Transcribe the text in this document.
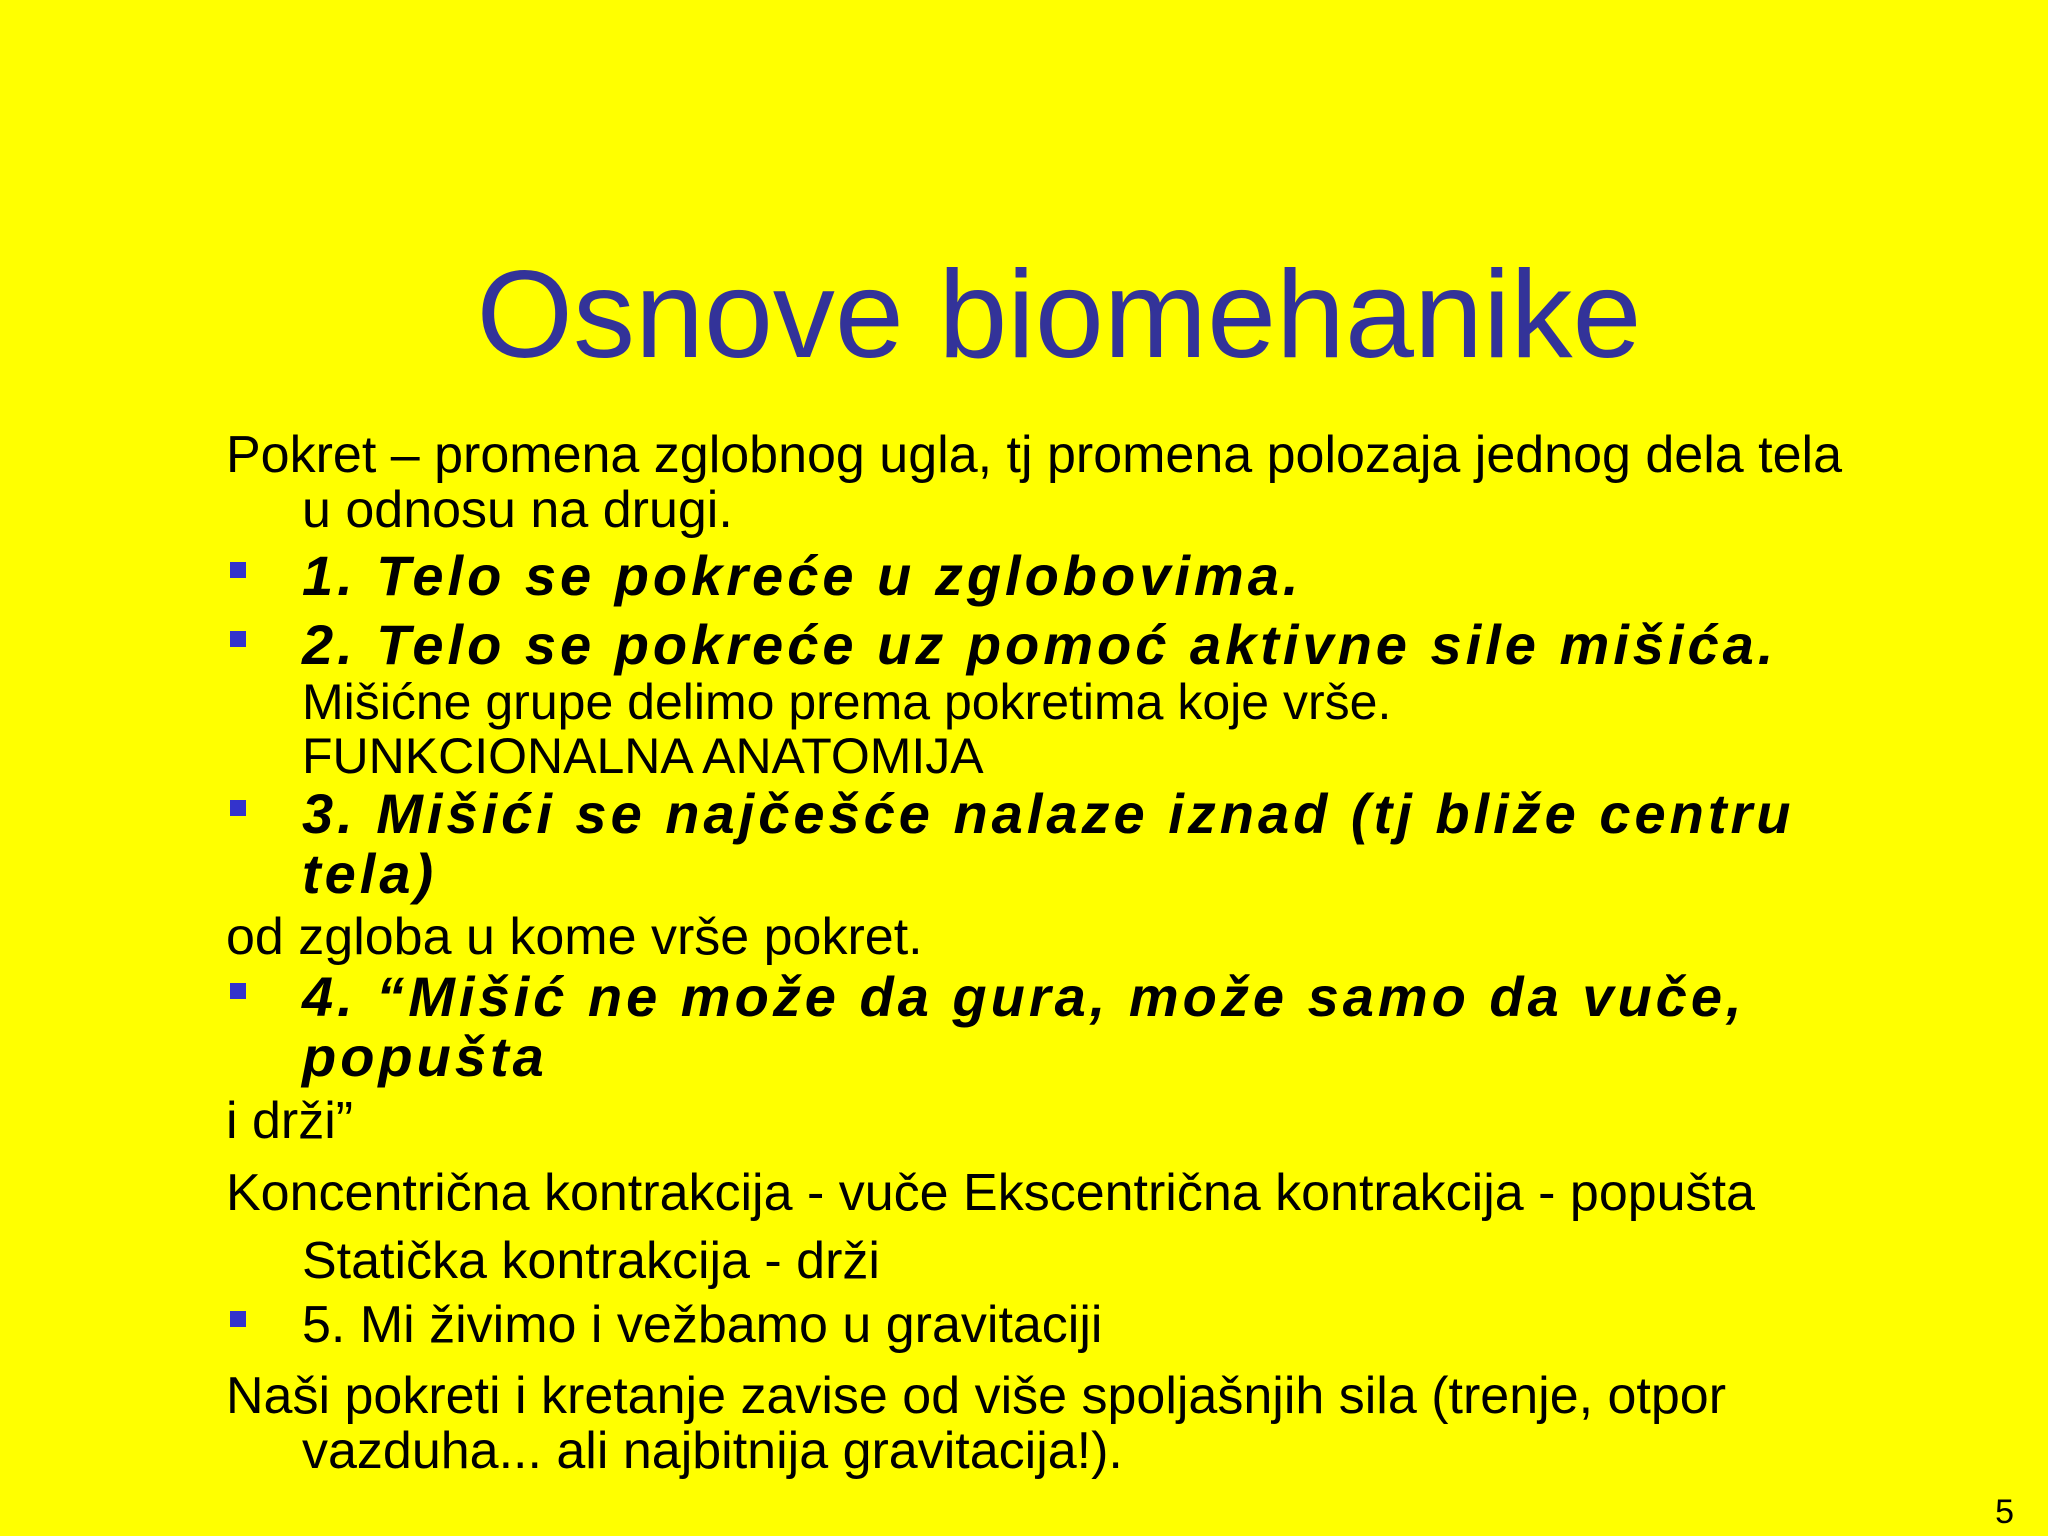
Osnove biomehanike
Pokret – promena zglobnog ugla, tj promena polozaja jednog dela tela
u odnosu na drugi.
1. Telo se pokreće u zglobovima.
2. Telo se pokreće uz pomoć aktivne sile mišića.
Mišićne grupe delimo prema pokretima koje vrše.
FUNKCIONALNA ANATOMIJA
3. Mišići se najčešće nalaze iznad (tj bliže centru
tela)
od zgloba u kome vrše pokret.
4. “Mišić ne može da gura, može samo da vuče,
popušta
i drži”
Koncentrična kontrakcija - vuče Ekscentrična kontrakcija - popušta
Statička kontrakcija - drži
5. Mi živimo i vežbamo u gravitaciji
Naši pokreti i kretanje zavise od više spoljašnjih sila (trenje, otpor
vazduha... ali najbitnija gravitacija!).
5
